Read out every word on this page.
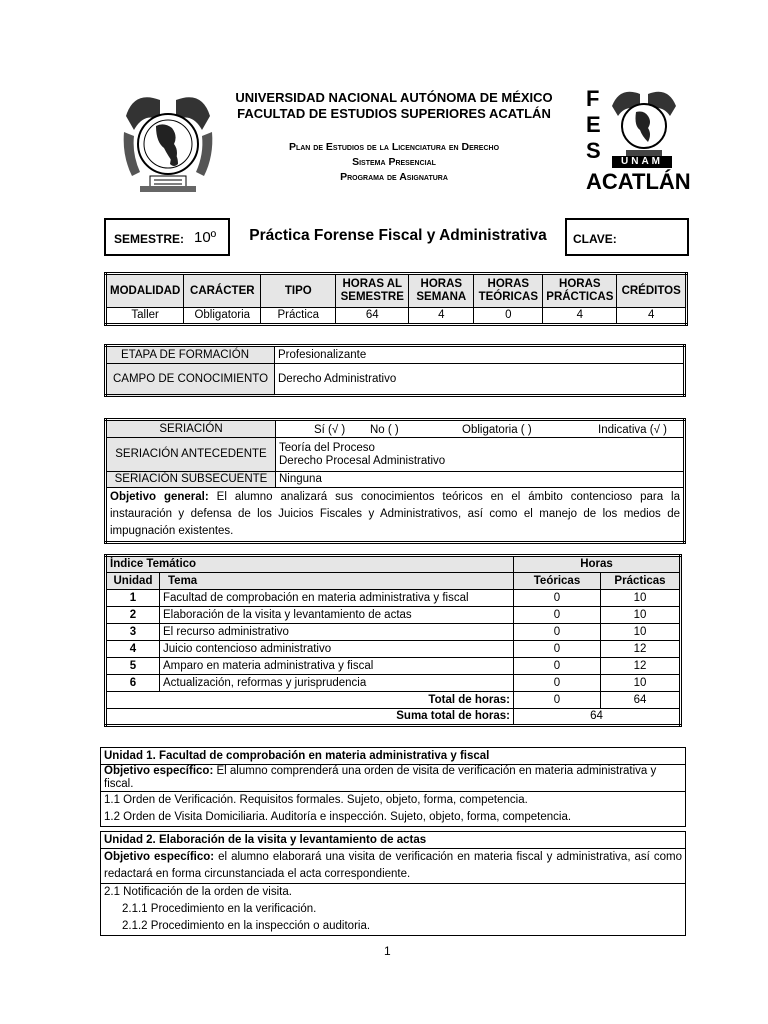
UNIVERSIDAD NACIONAL AUTÓNOMA DE MÉXICO
FACULTAD DE ESTUDIOS SUPERIORES ACATLÁN
Plan de Estudios de la Licenciatura en Derecho
Sistema Presencial
Programa de Asignatura
F
E
S	UNAM
ACATLÁN
SEMESTRE: 10º	Práctica Forense Fiscal y Administrativa	CLAVE:
MODALIDAD	CARÁCTER	TIPO	HORAS AL SEMESTRE	HORAS SEMANA	HORAS TEÓRICAS	HORAS PRÁCTICAS	CRÉDITOS
Taller	Obligatoria	Práctica	64	4	0	4	4
ETAPA DE FORMACIÓN	Profesionalizante
CAMPO DE CONOCIMIENTO	Derecho Administrativo
SERIACIÓN	Sí (√ ) No ( ) Obligatoria ( ) Indicativa (√ )

SERIACIÓN ANTECEDENTE	Teoría del Proceso
Derecho Procesal Administrativo

SERIACIÓN SUBSECUENTE	Ninguna
Objetivo general: El alumno analizará sus conocimientos teóricos en el ámbito contencioso para la instauración y defensa de los Juicios Fiscales y Administrativos, así como el manejo de los medios de impugnación existentes.	
Índice Temático		Horas	
Unidad	Tema	Teóricas	Prácticas
1	Facultad de comprobación en materia administrativa y fiscal	0	10
2	Elaboración de la visita y levantamiento de actas	0	10
3	El recurso administrativo	0	10
4	Juicio contencioso administrativo	0	12
5	Amparo en materia administrativa y fiscal	0	12
6	Actualización, reformas y jurisprudencia	0	10
Total de horas:		0	64
Suma total de horas:		64	
Unidad 1. Facultad de comprobación en materia administrativa y fiscal
Objetivo específico: El alumno comprenderá una orden de visita de verificación en materia administrativa y fiscal.

1.1 Orden de Verificación. Requisitos formales. Sujeto, objeto, forma, competencia.
1.2 Orden de Visita Domiciliaria. Auditoría e inspección. Sujeto, objeto, forma, competencia.
Unidad 2. Elaboración de la visita y levantamiento de actas
Objetivo específico: el alumno elaborará una visita de verificación en materia fiscal y administrativa, así como redactará en forma circunstanciada el acta correspondiente.

2.1 Notificación de la orden de visita.
2.1.1 Procedimiento en la verificación.
2.1.2 Procedimiento en la inspección o auditoria.
1
